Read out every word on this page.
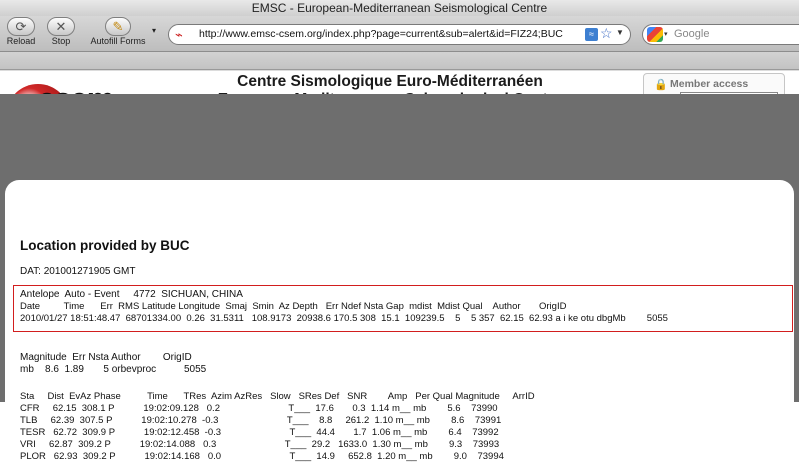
EMSC - European-Mediterranean Seismological Centre
⟳
Reload
✕
Stop
✎
Autofill Forms
▾ ⌁	http://www.emsc-csem.org/index.php?page=current&sub=alert&id=FIZ24;BUC	≈ ☆ ▼	▾ Google
Centre Sismologique Euro-Méditerranéen	🔒 Member access
Location provided by BUC
DAT: 201001271905 GMT
Antelope  Auto - Event     4772  SICHUAN, CHINA
Date         Time      Err  RMS Latitude Longitude  Smaj  Smin  Az Depth   Err Ndef Nsta Gap  mdist  Mdist Qual    Author       OrigID
2010/01/27 18:51:48.47  68701334.00  0.26  31.5311   108.9173  20938.6 170.5 308  15.1  109239.5    5    5 357  62.15  62.93 a i ke otu dbgMb        5055
Magnitude  Err Nsta Author        OrigID
mb    8.6  1.89       5 orbevproc          5055
Sta     Dist  EvAz Phase          Time      TRes  Azim AzRes   Slow   SRes Def   SNR        Amp   Per Qual Magnitude     ArrID
CFR     62.15  308.1 P           19:02:09.128   0.2                          T___  17.6       0.3  1.14 m__ mb        5.6    73990
TLB     62.39  307.5 P           19:02:10.278  -0.3                          T___    8.8     261.2  1.10 m__ mb        8.6    73991
TESR   62.72  309.9 P           19:02:12.458  -0.3                          T___  44.4       1.7  1.06 m__ mb        6.4    73992
VRI     62.87  309.2 P           19:02:14.088   0.3                          T___  29.2   1633.0  1.30 m__ mb        9.3    73993
PLOR   62.93  309.2 P           19:02:14.168   0.0                          T___  14.9     652.8  1.20 m__ mb        9.0    73994
